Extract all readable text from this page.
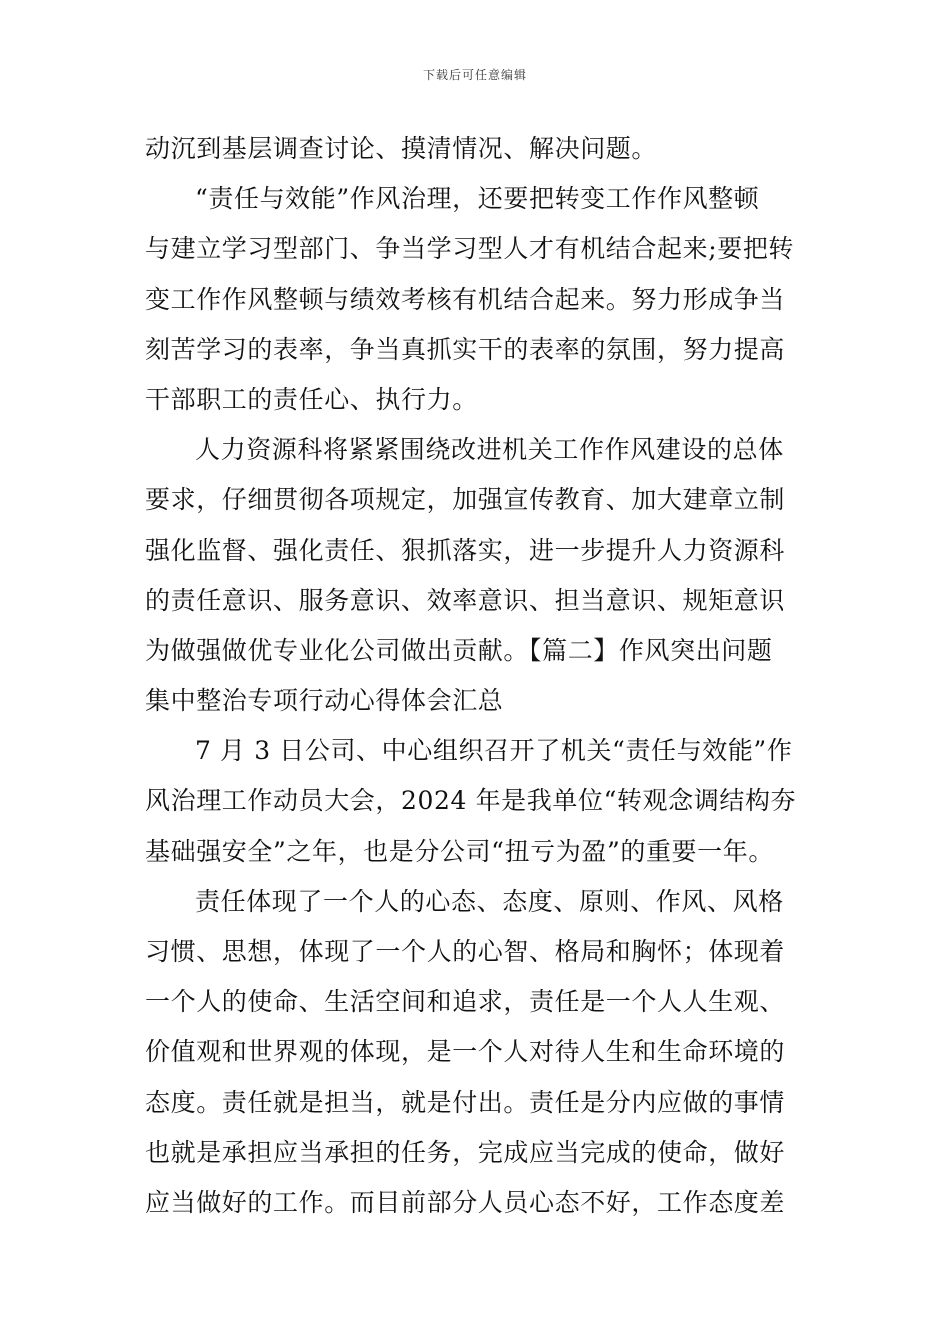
下载后可任意编辑
动沉到基层调查讨论、摸清情况、解决问题。
“责任与效能”作风治理，还要把转变工作作风整顿
与建立学习型部门、争当学习型人才有机结合起来;要把转
变工作作风整顿与绩效考核有机结合起来。努力形成争当
刻苦学习的表率，争当真抓实干的表率的氛围，努力提高
干部职工的责任心、执行力。
人力资源科将紧紧围绕改进机关工作作风建设的总体
要求，仔细贯彻各项规定，加强宣传教育、加大建章立制
强化监督、强化责任、狠抓落实，进一步提升人力资源科
的责任意识、服务意识、效率意识、担当意识、规矩意识
为做强做优专业化公司做出贡献。【篇二】作风突出问题
集中整治专项行动心得体会汇总
7 月 3 日公司、中心组织召开了机关“责任与效能”作
风治理工作动员大会，2024 年是我单位“转观念调结构夯
基础强安全”之年，也是分公司“扭亏为盈”的重要一年。
责任体现了一个人的心态、态度、原则、作风、风格
习惯、思想，体现了一个人的心智、格局和胸怀；体现着
一个人的使命、生活空间和追求，责任是一个人人生观、
价值观和世界观的体现，是一个人对待人生和生命环境的
态度。责任就是担当，就是付出。责任是分内应做的事情
也就是承担应当承担的任务，完成应当完成的使命，做好
应当做好的工作。而目前部分人员心态不好，工作态度差
